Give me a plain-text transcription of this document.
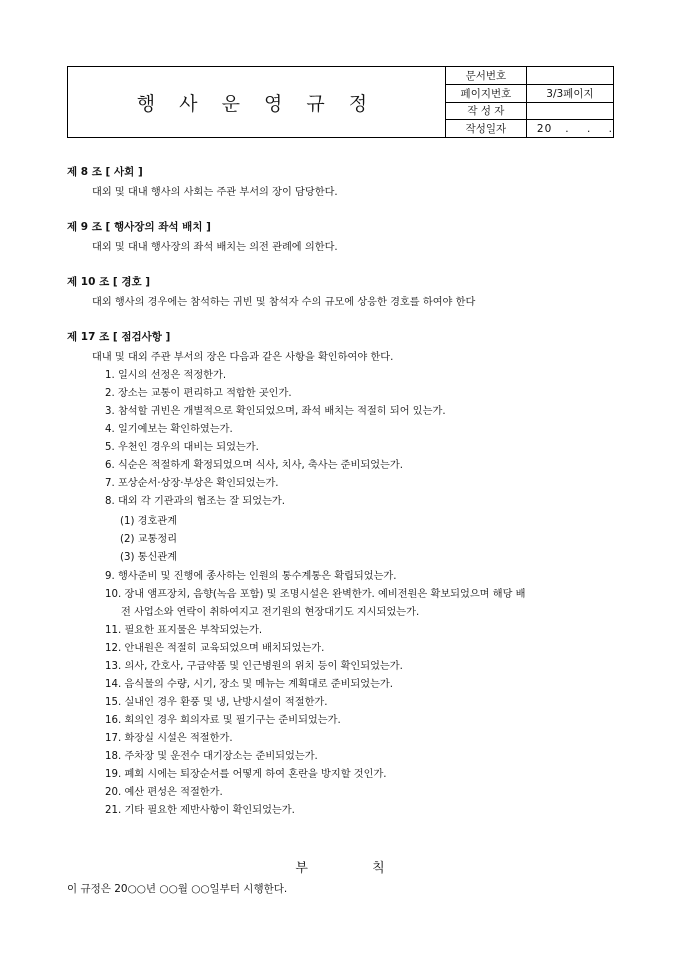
행 사 운 영 규 정
문서번호
페이지번호	3/3페이지
작 성 자
작성일자	20   .    .    .
제 8 조 [ 사회 ]
대외 및 대내 행사의 사회는 주관 부서의 장이 담당한다.
제 9 조 [ 행사장의 좌석 배치 ]
대외 및 대내 행사장의 좌석 배치는 의전 관례에 의한다.
제 10 조 [ 경호 ]
대외 행사의 경우에는 참석하는 귀빈 및 참석자 수의 규모에 상응한 경호를 하여야 한다
제 17 조 [ 점검사항 ]
대내 및 대외 주관 부서의 장은 다음과 같은 사항을 확인하여야 한다.
1. 일시의 선정은 적정한가.
2. 장소는 교통이 편리하고 적합한 곳인가.
3. 참석할 귀빈은 개별적으로 확인되었으며, 좌석 배치는 적절히 되어 있는가.
4. 일기예보는 확인하였는가.
5. 우천인 경우의 대비는 되었는가.
6. 식순은 적절하게 확정되었으며 식사, 치사, 축사는 준비되었는가.
7. 포상순서·상장·부상은 확인되었는가.
8. 대외 각 기관과의 협조는 잘 되었는가.
(1) 경호관계
(2) 교통정리
(3) 통신관계
9. 행사준비 및 진행에 종사하는 인원의 통수계통은 확립되었는가.
10. 장내 앰프장치, 음향(녹음 포함) 및 조명시설은 완벽한가. 예비전원은 확보되었으며 해당 배
전 사업소와 연락이 취하여지고 전기원의 현장대기도 지시되었는가.
11. 필요한 표지물은 부착되었는가.
12. 안내원은 적절히 교육되었으며 배치되었는가.
13. 의사, 간호사, 구급약품 및 인근병원의 위치 등이 확인되었는가.
14. 음식물의 수량, 시기, 장소 및 메뉴는 계획대로 준비되었는가.
15. 실내인 경우 환풍 및 냉, 난방시설이 적절한가.
16. 회의인 경우 회의자료 및 필기구는 준비되었는가.
17. 화장실 시설은 적절한가.
18. 주차장 및 운전수 대기장소는 준비되었는가.
19. 폐회 시에는 퇴장순서를 어떻게 하여 혼란을 방지할 것인가.
20. 예산 편성은 적절한가.
21. 기타 필요한 제반사항이 확인되었는가.
부 칙
이 규정은 20○○년 ○○월 ○○일부터 시행한다.
